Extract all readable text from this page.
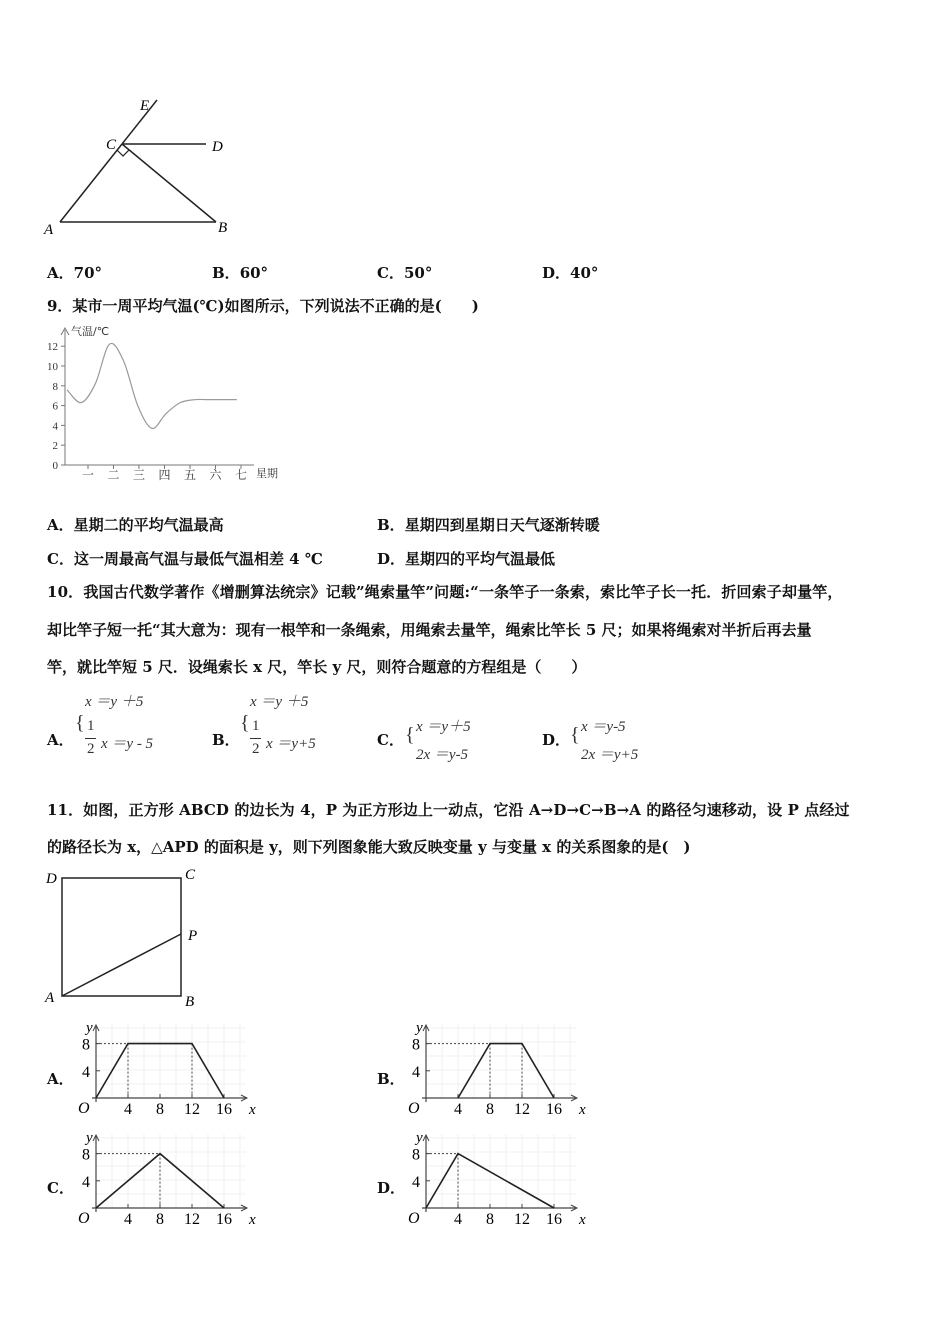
E
C	D
A	B
A．70°	B．60°	C．50°	D．40°
9．某市一周平均气温(℃)如图所示，下列说法不正确的是(　　)
气温/℃
星期
0
2
4
6
8
10
12
一 二 三 四 五 六 七
A．星期二的平均气温最高	B．星期四到星期日天气逐渐转暖
C．这一周最高气温与最低气温相差 4 ℃	D．星期四的平均气温最低
10．我国古代数学著作《增删算法统宗》记载”绳索量竿”问题:“一条竿子一条索，索比竿子长一托．折回索子却量竿，
却比竿子短一托“其大意为：现有一根竿和一条绳索，用绳索去量竿，绳索比竿长 5 尺；如果将绳索对半折后再去量
竿，就比竿短 5 尺．设绳索长 x 尺，竿长 y 尺，则符合题意的方程组是（　　）
A．
x ＝y ＋5
{ 1
2 x ＝y - 5	B．
x ＝y ＋5
{ 1
2 x ＝y+5	C． { x ＝y＋5
2x ＝y-5
D． { x ＝y-5
2x ＝y+5
11．如图，正方形 ABCD 的边长为 4，P 为正方形边上一动点，它沿 A→D→C→B→A 的路径匀速移动，设 P 点经过
的路径长为 x，△APD 的面积是 y，则下列图象能大致反映变量 y 与变量 x 的关系图象的是(　)
D	C
P
A	B
A．	B．
C．	D．
y
x
O
8
4
4 8 12 16
y
x
O
8
4
4 8 12 16
y
x
O
8
4
4 8 12 16
y
x
O
8
4
4 8 12 16
